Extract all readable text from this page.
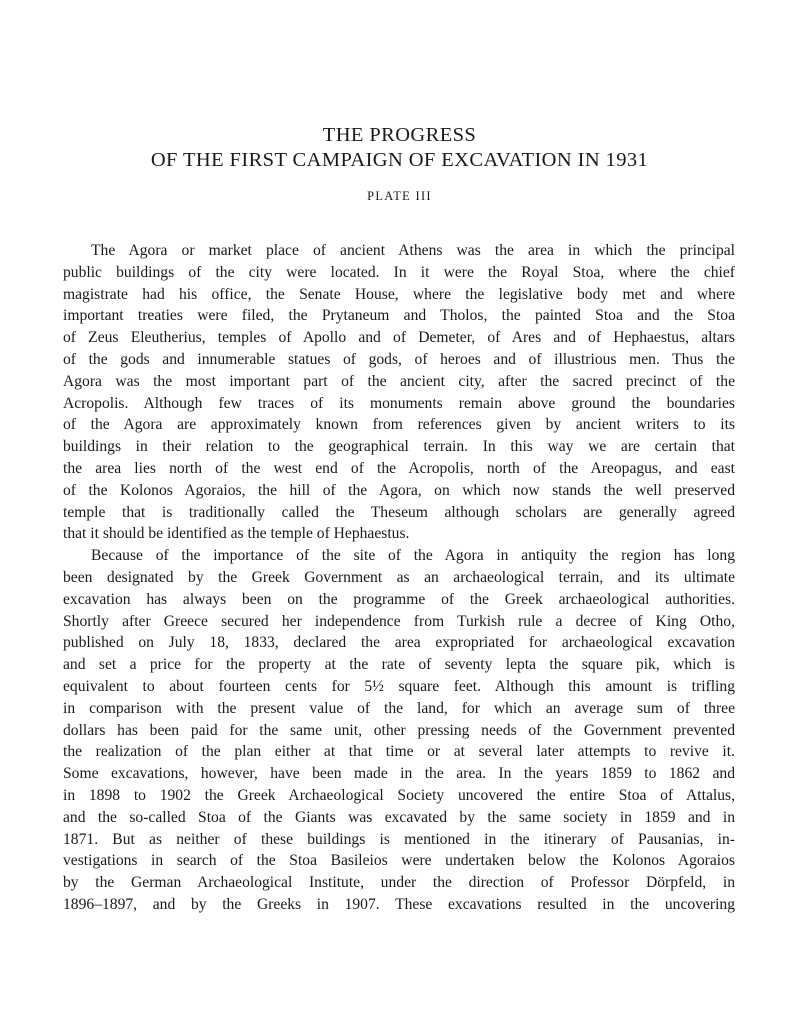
THE PROGRESS
OF THE FIRST CAMPAIGN OF EXCAVATION IN 1931
PLATE III
The Agora or market place of ancient Athens was the area in which the principal
public buildings of the city were located. In it were the Royal Stoa, where the chief
magistrate had his office, the Senate House, where the legislative body met and where
important treaties were filed, the Prytaneum and Tholos, the painted Stoa and the Stoa
of Zeus Eleutherius, temples of Apollo and of Demeter, of Ares and of Hephaestus, altars
of the gods and innumerable statues of gods, of heroes and of illustrious men. Thus the
Agora was the most important part of the ancient city, after the sacred precinct of the
Acropolis. Although few traces of its monuments remain above ground the boundaries
of the Agora are approximately known from references given by ancient writers to its
buildings in their relation to the geographical terrain. In this way we are certain that
the area lies north of the west end of the Acropolis, north of the Areopagus, and east
of the Kolonos Agoraios, the hill of the Agora, on which now stands the well preserved
temple that is traditionally called the Theseum although scholars are generally agreed
that it should be identified as the temple of Hephaestus.
Because of the importance of the site of the Agora in antiquity the region has long
been designated by the Greek Government as an archaeological terrain, and its ultimate
excavation has always been on the programme of the Greek archaeological authorities.
Shortly after Greece secured her independence from Turkish rule a decree of King Otho,
published on July 18, 1833, declared the area expropriated for archaeological excavation
and set a price for the property at the rate of seventy lepta the square pik, which is
equivalent to about fourteen cents for 5½ square feet. Although this amount is trifling
in comparison with the present value of the land, for which an average sum of three
dollars has been paid for the same unit, other pressing needs of the Government prevented
the realization of the plan either at that time or at several later attempts to revive it.
Some excavations, however, have been made in the area. In the years 1859 to 1862 and
in 1898 to 1902 the Greek Archaeological Society uncovered the entire Stoa of Attalus,
and the so-called Stoa of the Giants was excavated by the same society in 1859 and in
1871. But as neither of these buildings is mentioned in the itinerary of Pausanias, in-
vestigations in search of the Stoa Basileios were undertaken below the Kolonos Agoraios
by the German Archaeological Institute, under the direction of Professor Dörpfeld, in
1896–1897, and by the Greeks in 1907. These excavations resulted in the uncovering
